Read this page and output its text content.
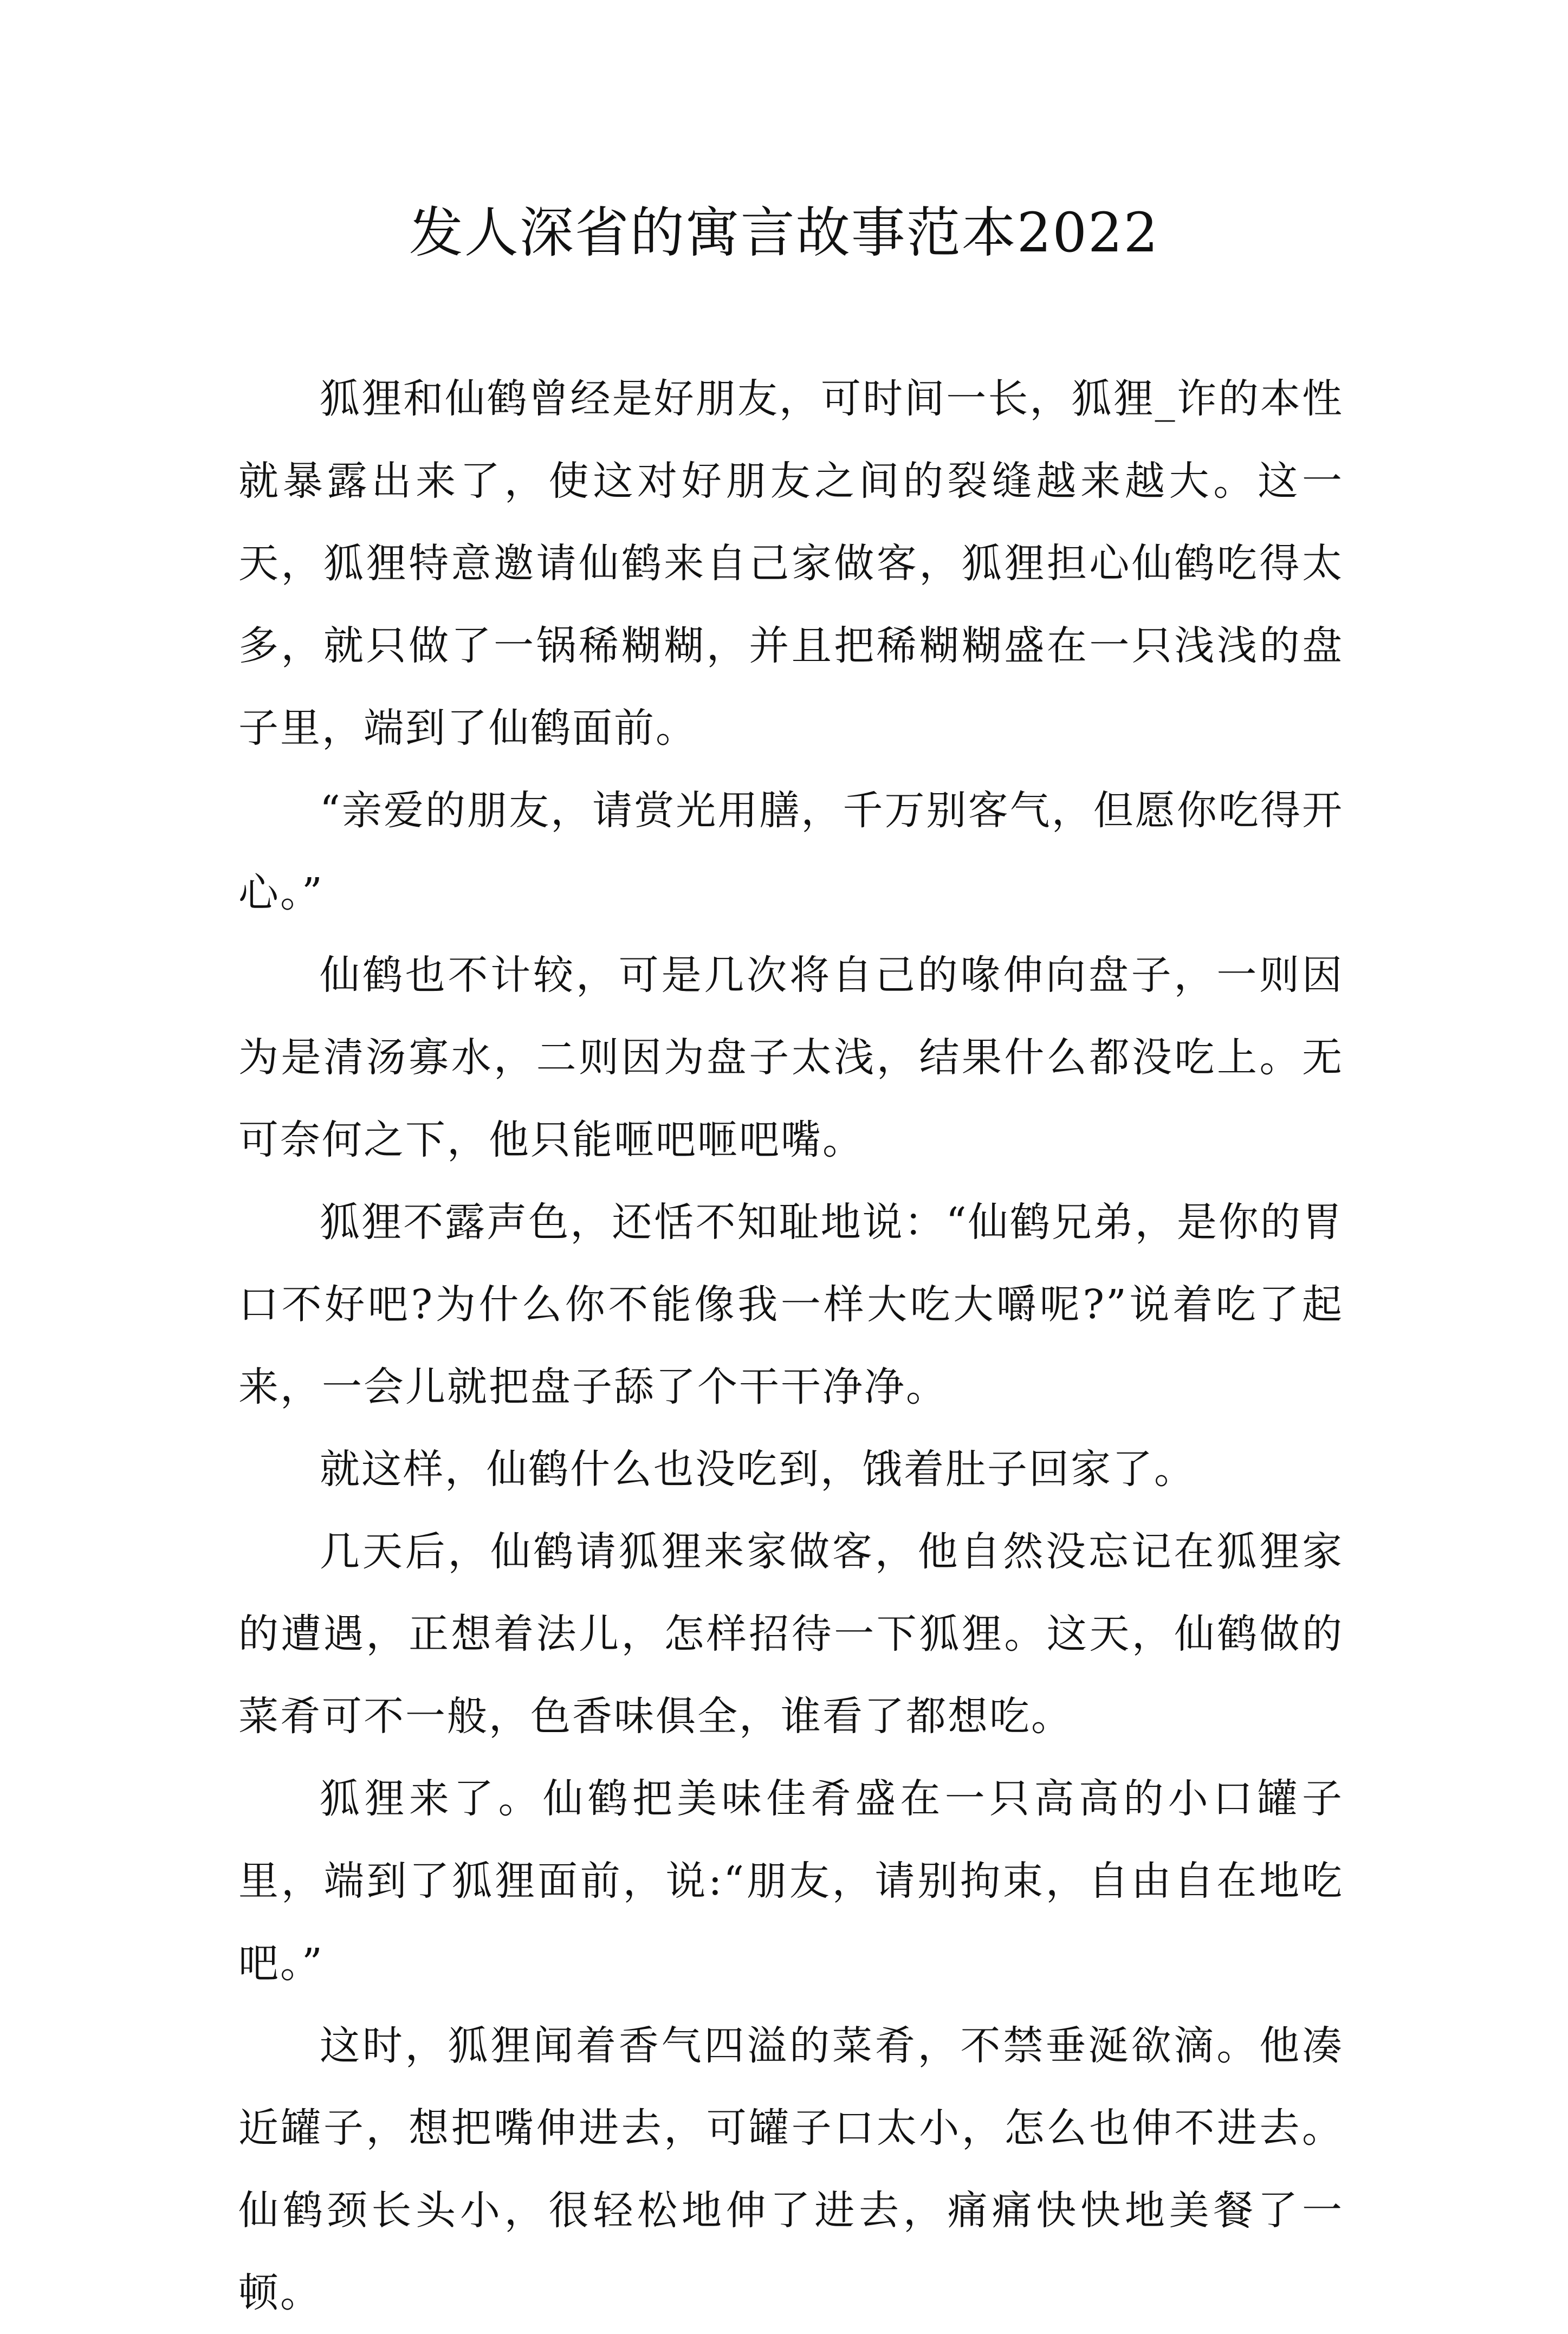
发人深省的寓言故事范本2022

狐狸和仙鹤曾经是好朋友，可时间一长，狐狸_诈的本性就暴露出来了，使这对好朋友之间的裂缝越来越大。这一天，狐狸特意邀请仙鹤来自己家做客，狐狸担心仙鹤吃得太多，就只做了一锅稀糊糊，并且把稀糊糊盛在一只浅浅的盘子里，端到了仙鹤面前。

“亲爱的朋友，请赏光用膳，千万别客气，但愿你吃得开心。”

仙鹤也不计较，可是几次将自己的喙伸向盘子，一则因为是清汤寡水，二则因为盘子太浅，结果什么都没吃上。无可奈何之下，他只能咂吧咂吧嘴。

狐狸不露声色，还恬不知耻地说：“仙鹤兄弟，是你的胃口不好吧?为什么你不能像我一样大吃大嚼呢?”说着吃了起来，一会儿就把盘子舔了个干干净净。

就这样，仙鹤什么也没吃到，饿着肚子回家了。

几天后，仙鹤请狐狸来家做客，他自然没忘记在狐狸家的遭遇，正想着法儿，怎样招待一下狐狸。这天，仙鹤做的菜肴可不一般，色香味俱全，谁看了都想吃。

狐狸来了。仙鹤把美味佳肴盛在一只高高的小口罐子里，端到了狐狸面前，说:“朋友，请别拘束，自由自在地吃吧。”

这时，狐狸闻着香气四溢的菜肴，不禁垂涎欲滴。他凑近罐子，想把嘴伸进去，可罐子口太小，怎么也伸不进去。仙鹤颈长头小，很轻松地伸了进去，痛痛快快地美餐了一顿。
